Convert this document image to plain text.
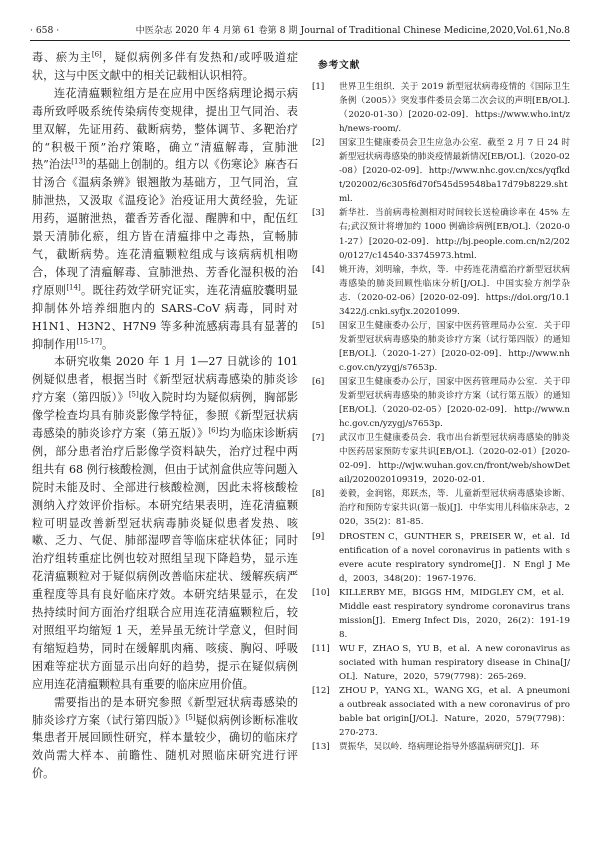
· 658 ·	中医杂志 2020 年 4 月第 61 卷第 8 期 Journal of Traditional Chinese Medicine,2020,Vol.61,No.8

毒、瘀为主[6]，疑似病例多伴有发热和/或呼吸道症状，这与中医文献中的相关记载相认识相符。

连花清瘟颗粒组方是在应用中医络病理论揭示病毒所致呼吸系统传染病传变规律，提出卫气同治、表里双解，先证用药、截断病势，整体调节、多靶治疗的“积极干预”治疗策略，确立“清瘟解毒，宣肺泄热”治法[13]的基础上创制的。组方以《伤寒论》麻杏石甘汤合《温病条辨》银翘散为基础方，卫气同治，宣肺泄热，又汲取《温疫论》治疫证用大黄经验，先证用药，逼腑泄热，藿香芳香化湿、醒脾和中，配伍红景天清肺化瘀，组方皆在清瘟排中之毒热，宣畅肺气，截断病势。连花清瘟颗粒组成与该病病机相吻合，体现了清瘟解毒、宣肺泄热、芳香化湿积极的治疗原则[14]。既往药效学研究证实，连花清瘟胶囊明显抑制体外培养细胞内的 SARS-CoV 病毒，同时对 H1N1、H3N2、H7N9 等多种流感病毒具有显著的抑制作用[15-17]。

本研究收集 2020 年 1 月 1—27 日就诊的 101 例疑似患者，根据当时《新型冠状病毒感染的肺炎诊疗方案（第四版）》[5]收入院时均为疑似病例，胸部影像学检查均具有肺炎影像学特征，参照《新型冠状病毒感染的肺炎诊疗方案（第五版）》[6]均为临床诊断病例，部分患者治疗后影像学资料缺失，治疗过程中两组共有 68 例行核酸检测，但由于试剂盒供应等问题入院时未能及时、全部进行核酸检测，因此未将核酸检测纳入疗效评价指标。本研究结果表明，连花清瘟颗粒可明显改善新型冠状病毒肺炎疑似患者发热、咳嗽、乏力、气促、肺部湿啰音等临床症状体征；同时治疗组转重症比例也较对照组呈现下降趋势，显示连花清瘟颗粒对于疑似病例改善临床症状、缓解疾病严重程度等具有良好临床疗效。本研究结果显示，在发热持续时间方面治疗组联合应用连花清瘟颗粒后，较对照组平均缩短 1 天，差异虽无统计学意义，但时间有缩短趋势，同时在缓解肌肉痛、咳痰、胸闷、呼吸困难等症状方面显示出向好的趋势，提示在疑似病例应用连花清瘟颗粒具有重要的临床应用价值。

需要指出的是本研究参照《新型冠状病毒感染的肺炎诊疗方案（试行第四版）》[5]疑似病例诊断标准收集患者开展回顾性研究，样本量较少，确切的临床疗效尚需大样本、前瞻性、随机对照临床研究进行评价。

参考文献
[1]	世界卫生组织．关于 2019 新型冠状病毒疫情的《国际卫生条例（2005）》突发事件委员会第二次会议的声明[EB/OL].（2020-01-30）[2020-02-09]．https://www.who.int/zh/news-room/.
[2]	国家卫生健康委员会卫生应急办公室．截至 2 月 7 日 24 时新型冠状病毒感染的肺炎疫情最新情况[EB/OL].（2020-02-08）[2020-02-09]．http://www.nhc.gov.cn/xcs/yqfkdt/202002/6c305f6d70f545d59548ba17d79b8229.shtml.
[3]	新华社．当前病毒检测相对时间较长送检确诊率在 45% 左右;武汉预计将增加约 1000 例确诊病例[EB/OL].（2020-01-27）[2020-02-09]．http://bj.people.com.cn/n2/2020/0127/c14540-33745973.html.
[4]	姚开涛，刘明瑜，李炊，等．中药连花清瘟治疗新型冠状病毒感染的肺炎回顾性临床分析[J/OL]．中国实验方剂学杂志．（2020-02-06）[2020-02-09]．https://doi.org/10.13422/j.cnki.syfjx.20201099.
[5]	国家卫生健康委办公厅，国家中医药管理局办公室．关于印发新型冠状病毒感染的肺炎诊疗方案（试行第四版）的通知[EB/OL].（2020-1-27）[2020-02-09]．http://www.nhc.gov.cn/yzygj/s7653p.
[6]	国家卫生健康委办公厅，国家中医药管理局办公室．关于印发新型冠状病毒感染的肺炎诊疗方案（试行第五版）的通知[EB/OL].（2020-02-05）[2020-02-09]．http://www.nhc.gov.cn/yzygj/s7653p.
[7]	武汉市卫生健康委员会．我市出台新型冠状病毒感染的肺炎中医药居家预防专家共识[EB/OL].（2020-02-01）[2020-02-09]．http://wjw.wuhan.gov.cn/front/web/showDetail/2020020109319，2020-02-01.
[8]	姜毅，金润铭，郑跃杰，等．儿童新型冠状病毒感染诊断、治疗和预防专家共识(第一版)[J]．中华实用儿科临床杂志，2020，35(2)：81-85.
[9]	DROSTEN C，GUNTHER S，PREISER W，et al．Identification of a novel coronavirus in patients with severe acute respiratory syndrome[J]．N Engl J Med，2003，348(20)：1967-1976.
[10]	KILLERBY ME，BIGGS HM，MIDGLEY CM，et al．Middle east respiratory syndrome coronavirus transmission[J]．Emerg Infect Dis，2020，26(2)：191-198.
[11]	WU F，ZHAO S，YU B，et al．A new coronavirus associated with human respiratory disease in China[J/OL]．Nature，2020，579(7798)：265-269.
[12]	ZHOU P，YANG XL，WANG XG，et al．A pneumonia outbreak associated with a new coronavirus of probable bat origin[J/OL]．Nature，2020，579(7798)：270-273.
[13]	贾振华，吴以岭．络病理论指导外感温病研究[J]．环
